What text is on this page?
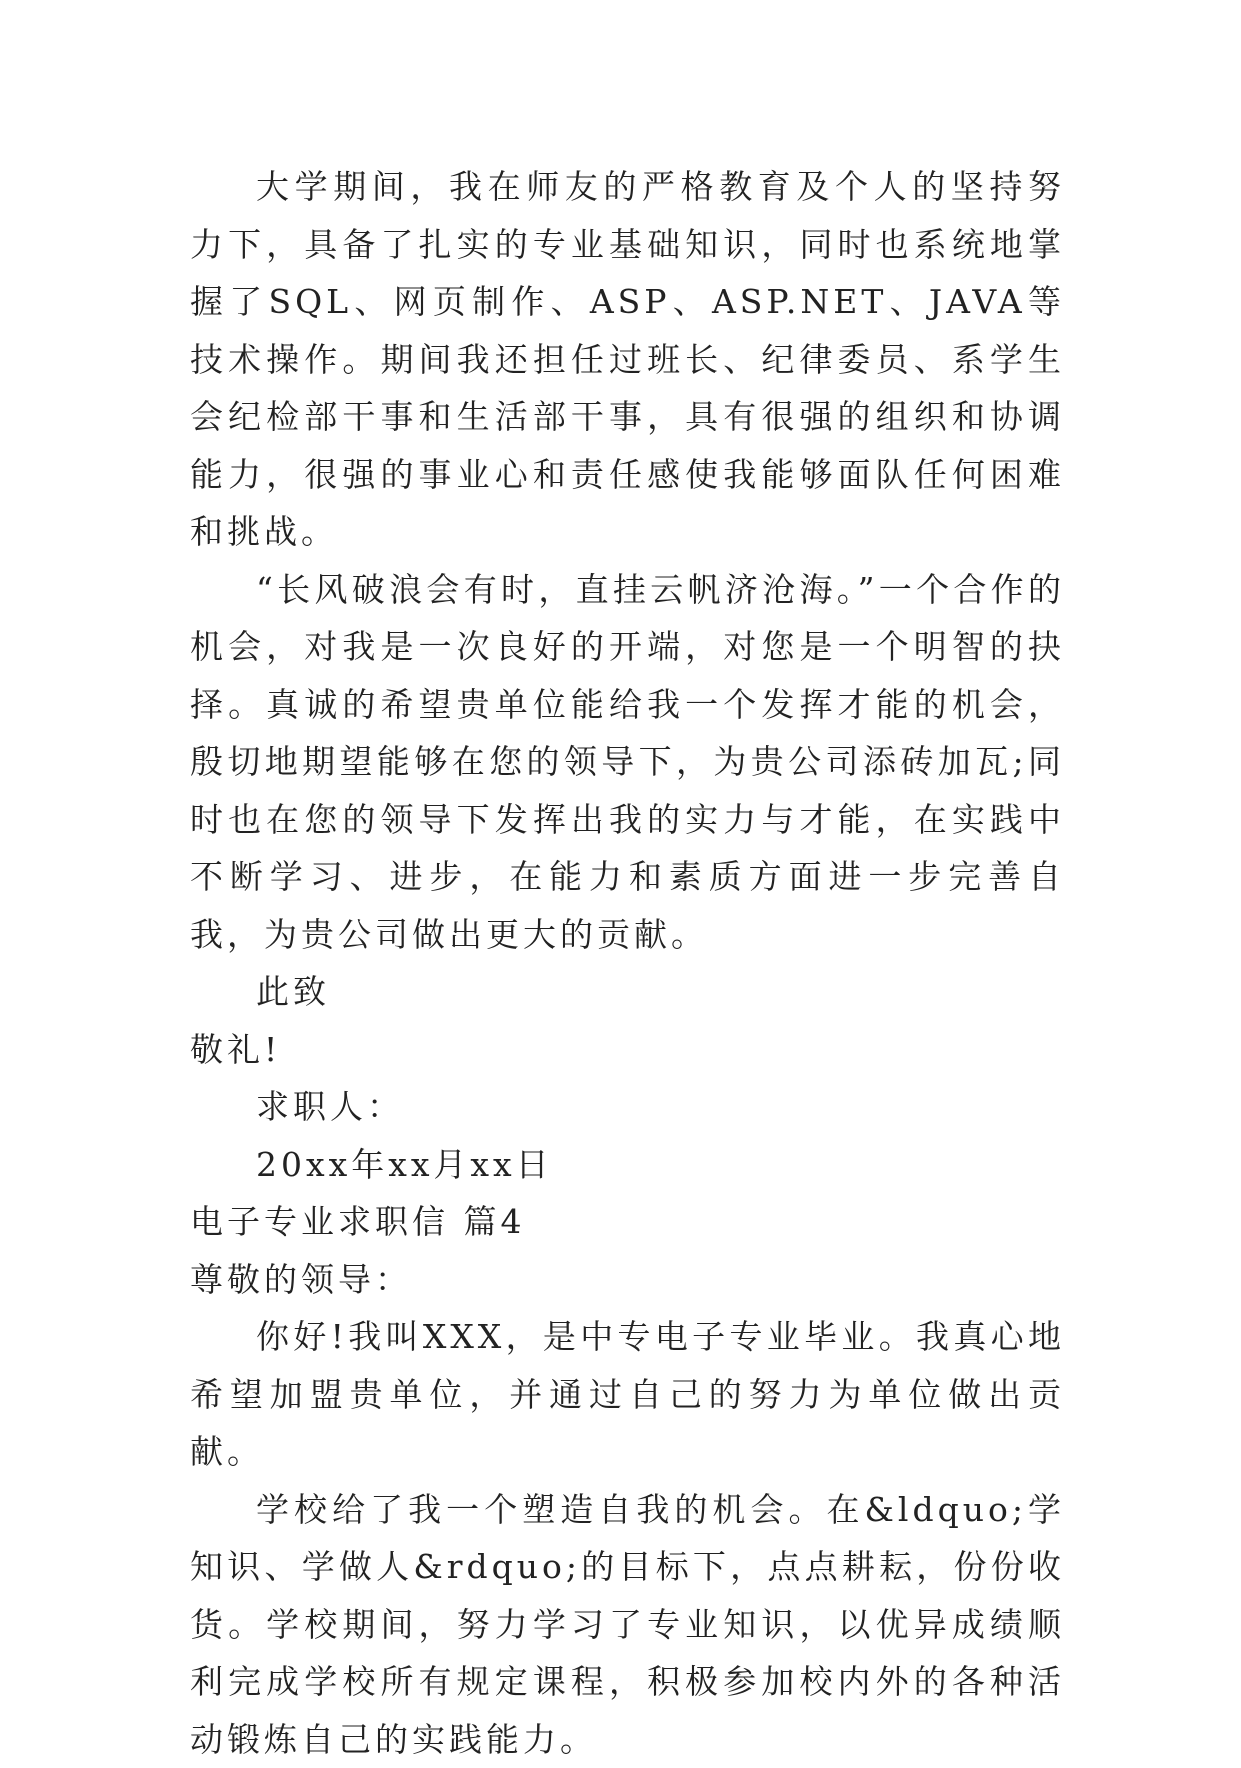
大学期间，我在师友的严格教育及个人的坚持努力下，具备了扎实的专业基础知识，同时也系统地掌握了SQL、网页制作、ASP、ASP.NET、JAVA等技术操作。期间我还担任过班长、纪律委员、系学生会纪检部干事和生活部干事，具有很强的组织和协调能力，很强的事业心和责任感使我能够面队任何困难和挑战。

“长风破浪会有时，直挂云帆济沧海。”一个合作的机会，对我是一次良好的开端，对您是一个明智的抉择。真诚的希望贵单位能给我一个发挥才能的机会，殷切地期望能够在您的领导下，为贵公司添砖加瓦;同时也在您的领导下发挥出我的实力与才能，在实践中不断学习、进步，在能力和素质方面进一步完善自我，为贵公司做出更大的贡献。

此致

敬礼!

求职人：

20xx年xx月xx日

电子专业求职信 篇4

尊敬的领导：

你好!我叫XXX，是中专电子专业毕业。我真心地希望加盟贵单位，并通过自己的努力为单位做出贡献。

学校给了我一个塑造自我的机会。在&ldquo;学知识、学做人&rdquo;的目标下，点点耕耘，份份收货。学校期间，努力学习了专业知识，以优异成绩顺利完成学校所有规定课程，积极参加校内外的各种活动锻炼自己的实践能力。
